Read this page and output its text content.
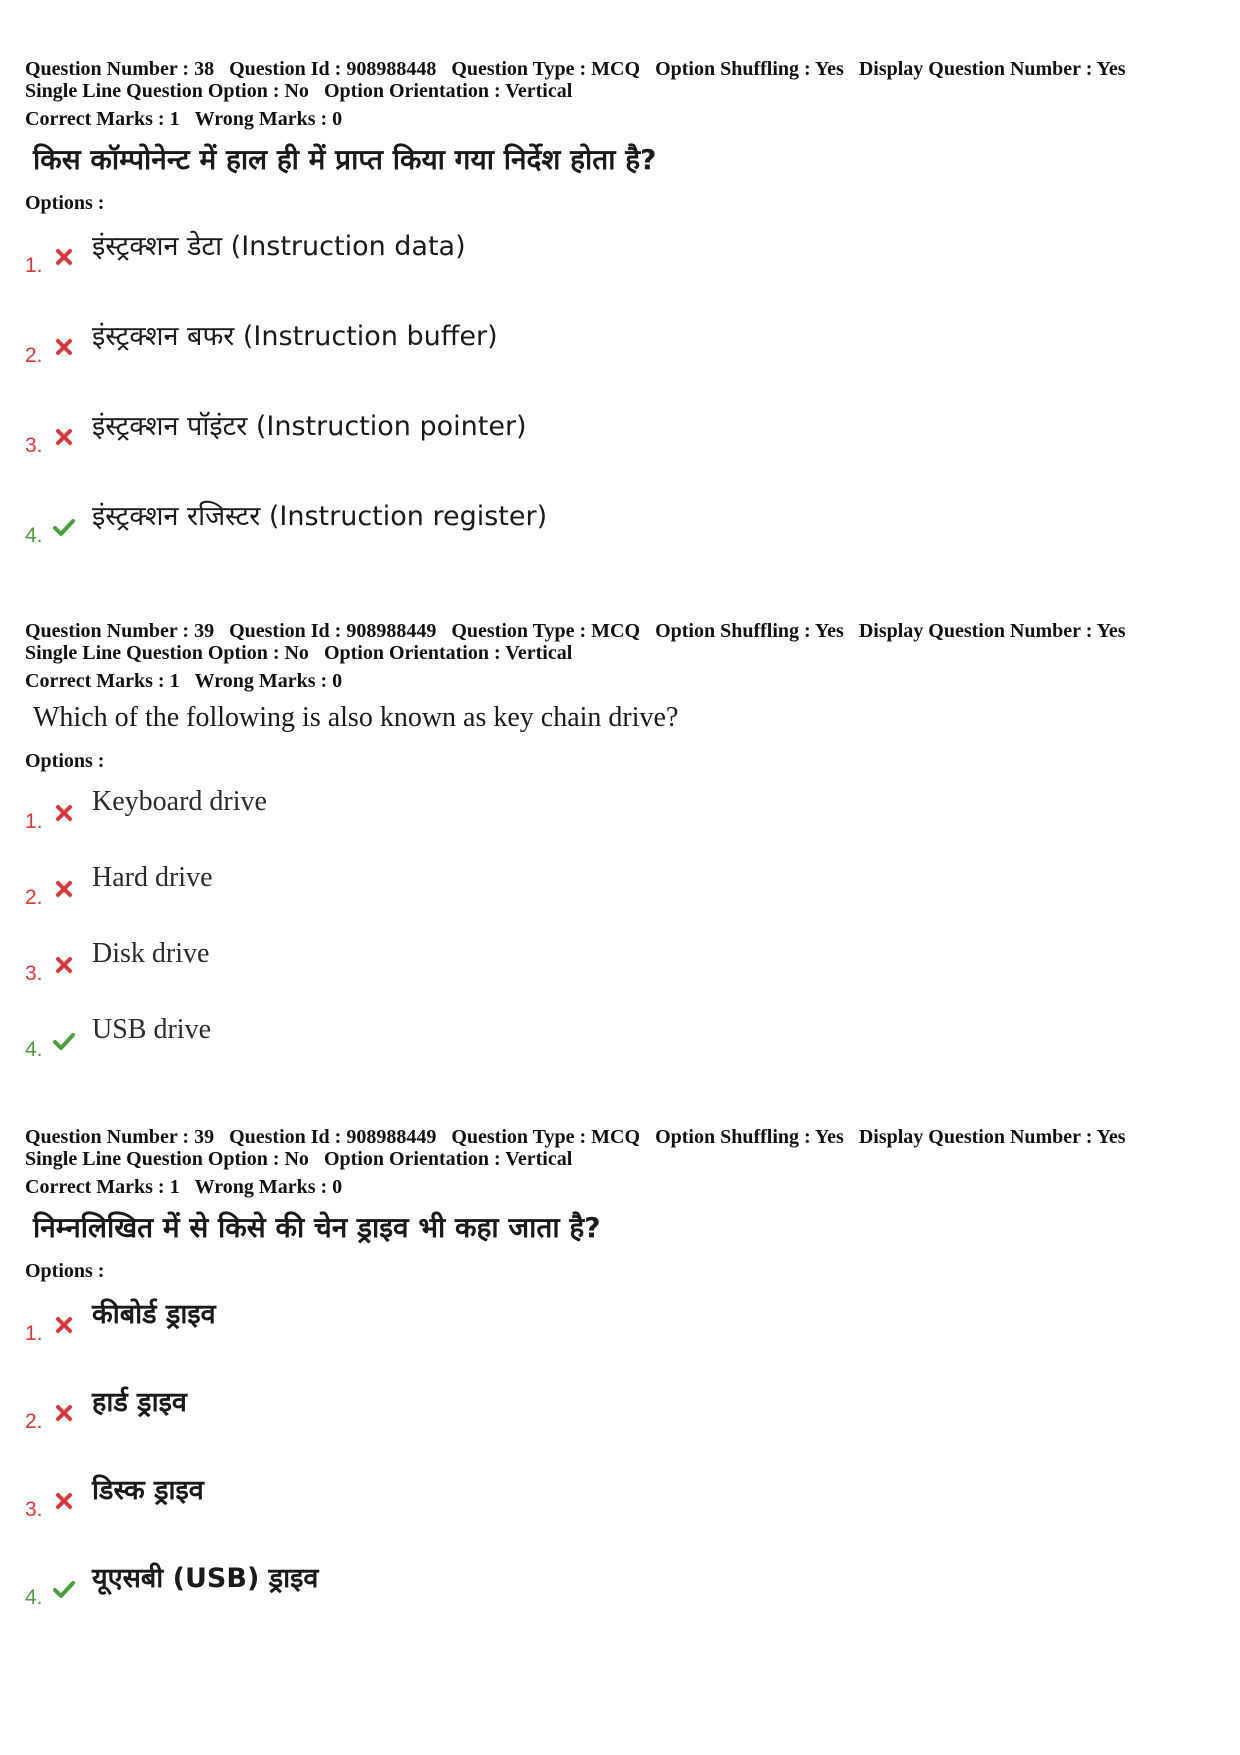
Question Number : 38 Question Id : 908988448 Question Type : MCQ Option Shuffling : Yes Display Question Number : Yes
Single Line Question Option : No Option Orientation : Vertical
Correct Marks : 1 Wrong Marks : 0
किस कॉम्पोनेन्ट में हाल ही में प्राप्त किया गया निर्देश होता है?
Options :
1.
इंस्ट्रक्शन डेटा (Instruction data)
2.
इंस्ट्रक्शन बफर (Instruction buffer)
3.
इंस्ट्रक्शन पॉइंटर (Instruction pointer)
4.
इंस्ट्रक्शन रजिस्टर (Instruction register)
Question Number : 39 Question Id : 908988449 Question Type : MCQ Option Shuffling : Yes Display Question Number : Yes
Single Line Question Option : No Option Orientation : Vertical
Correct Marks : 1 Wrong Marks : 0
Which of the following is also known as key chain drive?
Options :
1.
Keyboard drive
2.
Hard drive
3.
Disk drive
4.
USB drive
Question Number : 39 Question Id : 908988449 Question Type : MCQ Option Shuffling : Yes Display Question Number : Yes
Single Line Question Option : No Option Orientation : Vertical
Correct Marks : 1 Wrong Marks : 0
निम्नलिखित में से किसे की चेन ड्राइव भी कहा जाता है?
Options :
1.
कीबोर्ड ड्राइव
2.
हार्ड ड्राइव
3.
डिस्क ड्राइव
4.
यूएसबी (USB) ड्राइव
